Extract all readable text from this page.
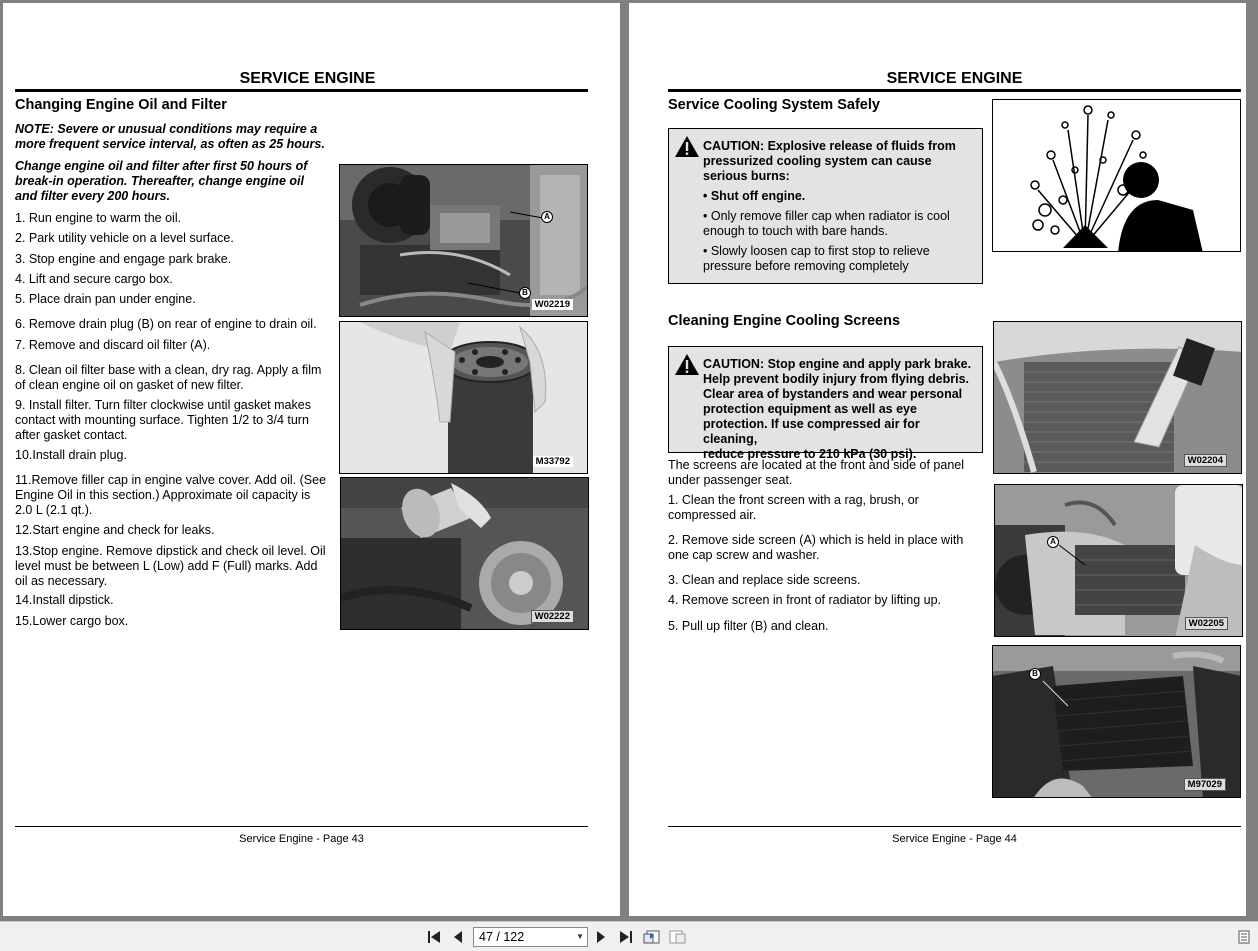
SERVICE ENGINE
Changing Engine Oil and Filter
NOTE: Severe or unusual conditions may require a
more frequent service interval, as often as 25 hours.
Change engine oil and filter after first 50 hours of
break-in operation. Thereafter, change engine oil
and filter every 200 hours.
1. Run engine to warm the oil.
2. Park utility vehicle on a level surface.
3. Stop engine and engage park brake.
4. Lift and secure cargo box.
5. Place drain pan under engine.
6. Remove drain plug (B) on rear of engine to drain oil.
7. Remove and discard oil filter (A).
8. Clean oil filter base with a clean, dry rag. Apply a film
of clean engine oil on gasket of new filter.
9. Install filter. Turn filter clockwise until gasket makes
contact with mounting surface. Tighten 1/2 to 3/4 turn
after gasket contact.
10.Install drain plug.
11.Remove filler cap in engine valve cover. Add oil. (See
Engine Oil in this section.) Approximate oil capacity is
2.0 L (2.1 qt.).
12.Start engine and check for leaks.
13.Stop engine. Remove dipstick and check oil level. Oil
level must be between L (Low) add F (Full) marks. Add
oil as necessary.
14.Install dipstick.
15.Lower cargo box.
A
B
W02219
M33792
W02222
Service Engine - Page 43
SERVICE ENGINE
Service Cooling System Safely

CAUTION: Explosive release of fluids from

pressurized cooling system can cause

serious burns:

• Shut off engine.

• Only remove filler cap when radiator is cool

enough to touch with bare hands.

• Slowly loosen cap to first stop to relieve

pressure before removing completely

Cleaning Engine Cooling Screens

CAUTION: Stop engine and apply park brake.

Help prevent bodily injury from flying debris.

Clear area of bystanders and wear personal

protection equipment as well as eye

protection. If use compressed air for cleaning,

reduce pressure to 210 kPa (30 psi).

The screens are located at the front and side of panel
under passenger seat.
1. Clean the front screen with a rag, brush, or
compressed air.
2. Remove side screen (A) which is held in place with
one cap screw and washer.
3. Clean and replace side screens.
4. Remove screen in front of radiator by lifting up.
5. Pull up filter (B) and clean.
W02204
A
W02205
B
M97029
Service Engine - Page 44
47 / 122	▼
